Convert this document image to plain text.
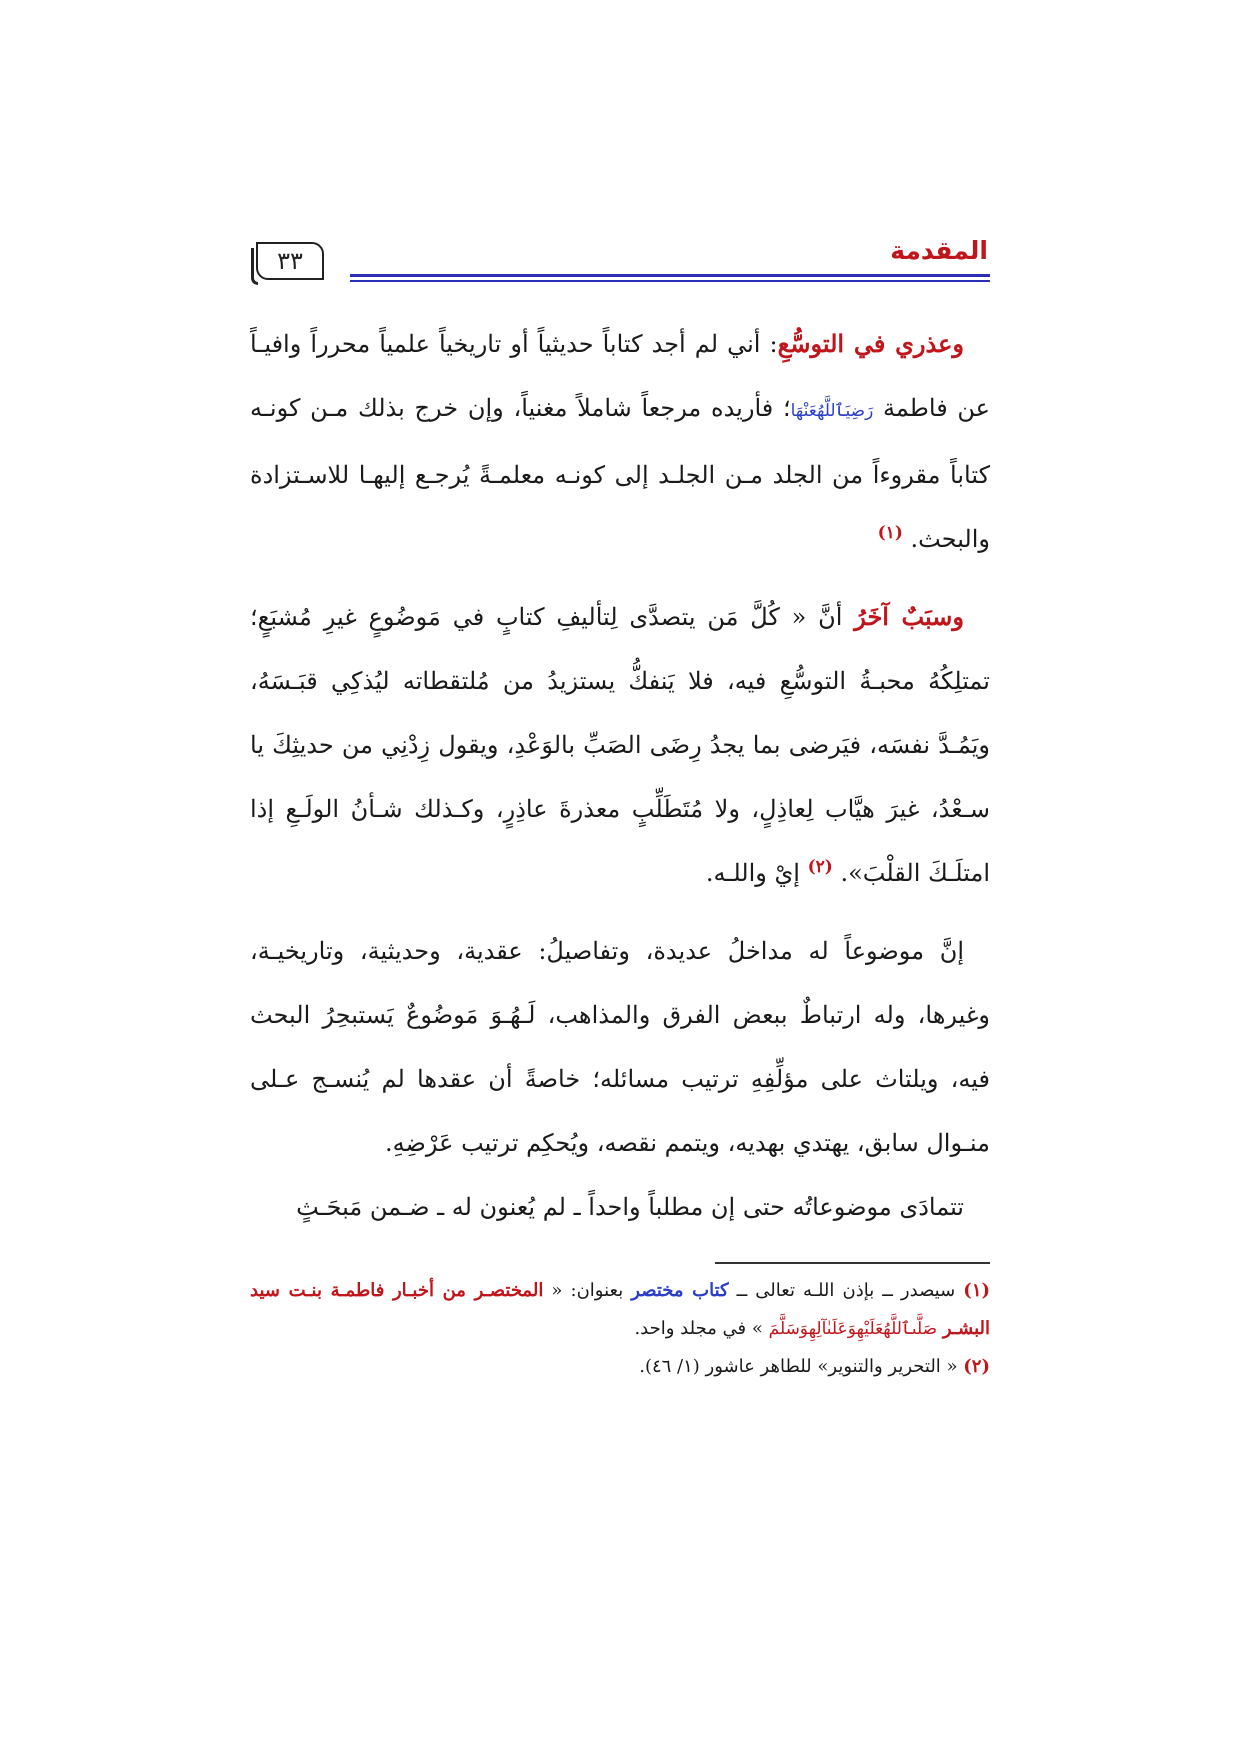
٣٣	المقدمة

وعذري في التوسُّعِ: أني لم أجد كتاباً حديثياً أو تاريخياً علمياً محرراً وافيـاً عن فاطمة رَضِيَٱللَّهُعَنْهَا؛ فأريده مرجعاً شاملاً مغنياً، وإن خرج بذلك مـن كونـه كتاباً مقروءاً من الجلد مـن الجلـد إلى كونـه معلمـةً يُرجـع إليهـا للاسـتزادة والبحث. $^{(١)}$

وسبَبٌ آخَرُ أنَّ « كُلَّ مَن يتصدَّى لِتأليفِ كتابٍ في مَوضُوعٍ غيرِ مُشبَعٍ؛ تمتلِكُهُ محبـةُ التوسُّعِ فيه، فلا يَنفكُّ يستزيدُ من مُلتقطاته ليُذكِي قبَـسَهُ، ويَمُـدَّ نفسَه، فيَرضى بما يجدُ رِضَى الصَبِّ بالوَعْدِ، ويقول زِدْنِي من حديثِكَ يا سـعْدُ، غيرَ هيَّاب لِعاذِلٍ، ولا مُتَطَلِّبٍ معذرةَ عاذِرٍ، وكـذلك شـأنُ الولَـعِ إذا امتلَـكَ القلْبَ». $^{(٢)}$ إيْ واللـه.

إنَّ موضوعاً له مداخلُ عديدة، وتفاصيلُ: عقدية، وحديثية، وتاريخيـة، وغيرها، وله ارتباطٌ ببعض الفرق والمذاهب، لَـهُـوَ مَوضُوعٌ يَستبحِرُ البحث فيه، ويلتاث على مؤلِّفِهِ ترتيب مسائله؛ خاصةً أن عقدها لم يُنسـج عـلى منـوال سابق، يهتدي بهديه، ويتمم نقصه، ويُحكِم ترتيب عَرْضِهِ.

تتمادَى موضوعاتُه حتى إن مطلباً واحداً ـ لم يُعنون له ـ ضـمن مَبحَـثٍ

(١) سيصدر ــ بإذن اللـه تعالى ــ كتاب مختصر بعنوان: « المختصـر من أخبـار فاطمـة بنـت سيد البشـر صَلَّىٱللَّهُعَلَيْهِوَعَلَىٰآلِهِوَسَلَّمَ » في مجلد واحد.

(٢) « التحرير والتنوير» للطاهر عاشور (١/ ٤٦).
